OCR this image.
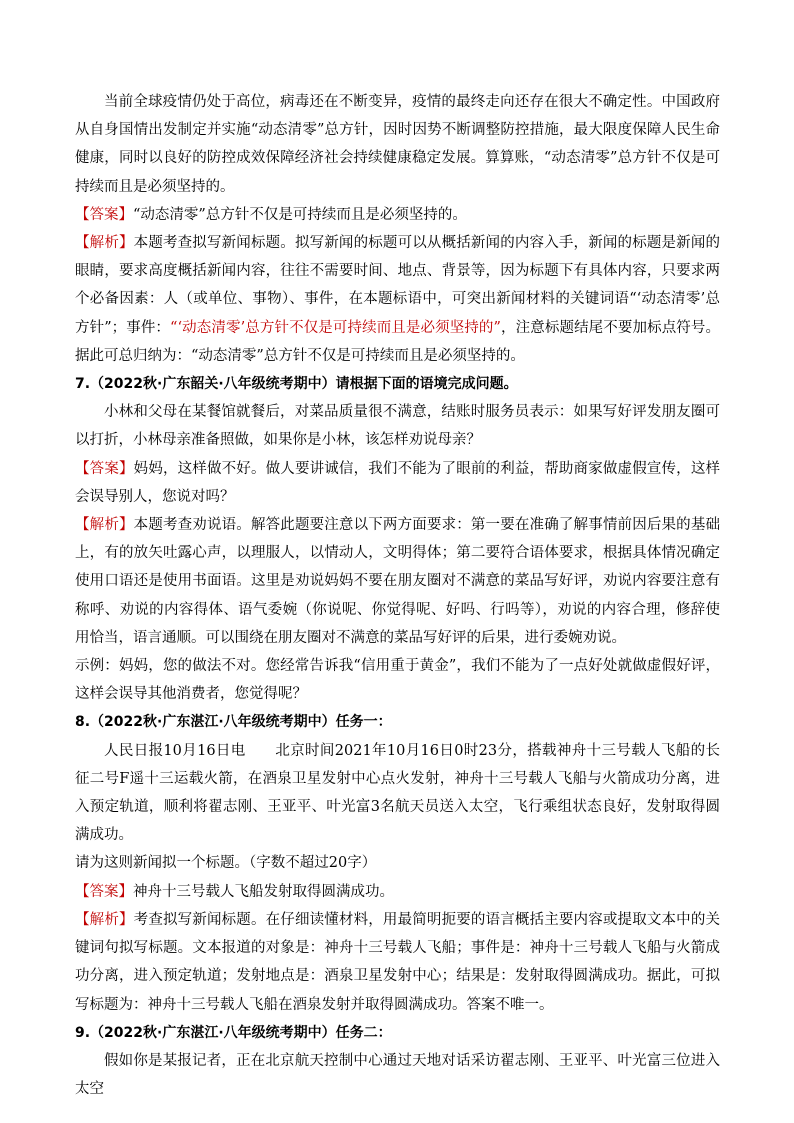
当前全球疫情仍处于高位，病毒还在不断变异，疫情的最终走向还存在很大不确定性。中国政府从自身国情出发制定并实施“动态清零”总方针，因时因势不断调整防控措施，最大限度保障人民生命健康，同时以良好的防控成效保障经济社会持续健康稳定发展。算算账，“动态清零”总方针不仅是可持续而且是必须坚持的。

【答案】“动态清零”总方针不仅是可持续而且是必须坚持的。

【解析】本题考查拟写新闻标题。拟写新闻的标题可以从概括新闻的内容入手，新闻的标题是新闻的眼睛，要求高度概括新闻内容，往往不需要时间、地点、背景等，因为标题下有具体内容，只要求两个必备因素：人（或单位、事物）、事件，在本题标语中，可突出新闻材料的关键词语“‘动态清零’总方针”；事件：“‘动态清零’总方针不仅是可持续而且是必须坚持的”，注意标题结尾不要加标点符号。据此可总归纳为：“动态清零”总方针不仅是可持续而且是必须坚持的。

7.（2022秋·广东韶关·八年级统考期中）请根据下面的语境完成问题。

小林和父母在某餐馆就餐后，对菜品质量很不满意，结账时服务员表示：如果写好评发朋友圈可以打折，小林母亲准备照做，如果你是小林，该怎样劝说母亲？

【答案】妈妈，这样做不好。做人要讲诚信，我们不能为了眼前的利益，帮助商家做虚假宣传，这样会误导别人，您说对吗？

【解析】本题考查劝说语。解答此题要注意以下两方面要求：第一要在准确了解事情前因后果的基础上，有的放矢吐露心声，以理服人，以情动人，文明得体；第二要符合语体要求，根据具体情况确定使用口语还是使用书面语。这里是劝说妈妈不要在朋友圈对不满意的菜品写好评，劝说内容要注意有称呼、劝说的内容得体、语气委婉（你说呢、你觉得呢、好吗、行吗等），劝说的内容合理，修辞使用恰当，语言通顺。可以围绕在朋友圈对不满意的菜品写好评的后果，进行委婉劝说。

示例：妈妈，您的做法不对。您经常告诉我“信用重于黄金”，我们不能为了一点好处就做虚假好评，这样会误导其他消费者，您觉得呢？

8.（2022秋·广东湛江·八年级统考期中）任务一：

人民日报10月16日电　　北京时间2021年10月16日0时23分，搭载神舟十三号载人飞船的长征二号F遥十三运载火箭，在酒泉卫星发射中心点火发射，神舟十三号载人飞船与火箭成功分离，进入预定轨道，顺利将翟志刚、王亚平、叶光富3名航天员送入太空，飞行乘组状态良好，发射取得圆满成功。

请为这则新闻拟一个标题。（字数不超过20字）

【答案】神舟十三号载人飞船发射取得圆满成功。

【解析】考查拟写新闻标题。在仔细读懂材料，用最简明扼要的语言概括主要内容或提取文本中的关键词句拟写标题。文本报道的对象是：神舟十三号载人飞船；事件是：神舟十三号载人飞船与火箭成功分离，进入预定轨道；发射地点是：酒泉卫星发射中心；结果是：发射取得圆满成功。据此，可拟写标题为：神舟十三号载人飞船在酒泉发射并取得圆满成功。答案不唯一。

9.（2022秋·广东湛江·八年级统考期中）任务二：

假如你是某报记者，正在北京航天控制中心通过天地对话采访翟志刚、王亚平、叶光富三位进入太空
